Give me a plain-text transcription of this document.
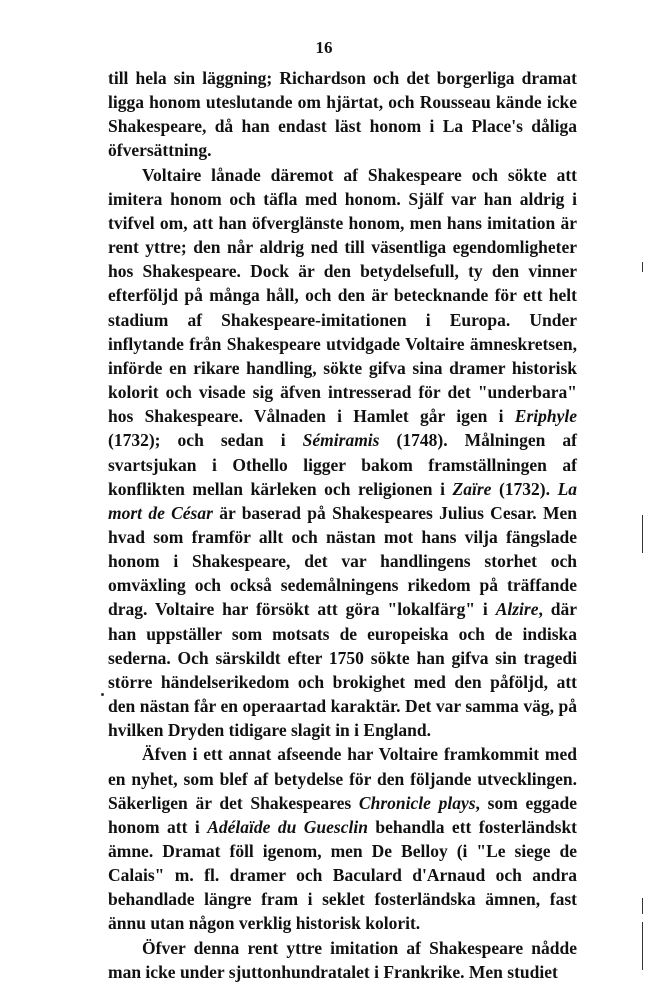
16

till hela sin läggning; Richardson och det borgerliga dramat ligga honom uteslutande om hjärtat, och Rousseau kände icke Shakespeare, då han endast läst honom i La Place's dåliga öfversättning.

Voltaire lånade däremot af Shakespeare och sökte att imitera honom och täfla med honom. Själf var han aldrig i tvifvel om, att han öfverglänste honom, men hans imitation är rent yttre; den når aldrig ned till väsentliga egendomligheter hos Shakespeare. Dock är den betydelsefull, ty den vinner efterföljd på många håll, och den är betecknande för ett helt stadium af Shakespeare-imitationen i Europa. Under inflytande från Shakespeare utvidgade Voltaire ämneskretsen, införde en rikare handling, sökte gifva sina dramer historisk kolorit och visade sig äfven intresserad för det "underbara" hos Shakespeare. Vålnaden i Hamlet går igen i Eriphyle (1732); och sedan i Sémiramis (1748). Målningen af svartsjukan i Othello ligger bakom framställningen af konflikten mellan kärleken och religionen i Zaïre (1732). La mort de César är baserad på Shakespeares Julius Cesar. Men hvad som framför allt och nästan mot hans vilja fängslade honom i Shakespeare, det var handlingens storhet och omväxling och också sedemålningens rikedom på träffande drag. Voltaire har försökt att göra "lokalfärg" i Alzire, där han uppställer som motsats de europeiska och de indiska sederna. Och särskildt efter 1750 sökte han gifva sin tragedi större händelserikedom och brokighet med den påföljd, att den nästan får en operaartad karaktär. Det var samma väg, på hvilken Dryden tidigare slagit in i England.

Äfven i ett annat afseende har Voltaire framkommit med en nyhet, som blef af betydelse för den följande utvecklingen. Säkerligen är det Shakespeares Chronicle plays, som eggade honom att i Adélaïde du Guesclin behandla ett fosterländskt ämne. Dramat föll igenom, men De Belloy (i "Le siege de Calais" m. fl. dramer och Baculard d'Arnaud och andra behandlade längre fram i seklet fosterländska ämnen, fast ännu utan någon verklig historisk kolorit.

Öfver denna rent yttre imitation af Shakespeare nådde man icke under sjuttonhundratalet i Frankrike. Men studiet
